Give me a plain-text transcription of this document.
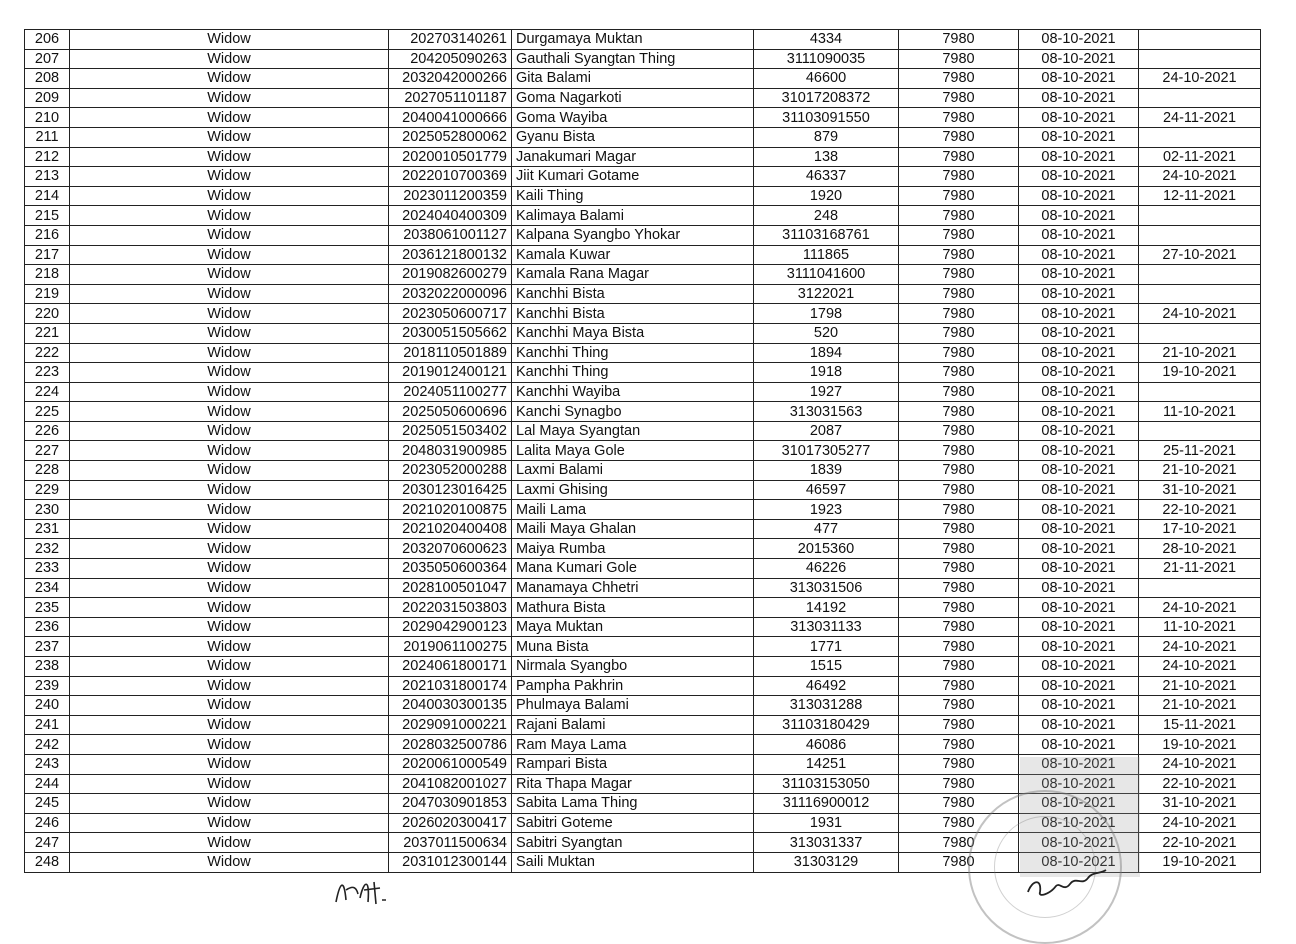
206	Widow	202703140261	Durgamaya Muktan	4334	7980	08-10-2021	
207	Widow	204205090263	Gauthali Syangtan Thing	3111090035	7980	08-10-2021	
208	Widow	2032042000266	Gita Balami	46600	7980	08-10-2021	24-10-2021
209	Widow	2027051101187	Goma Nagarkoti	31017208372	7980	08-10-2021	
210	Widow	2040041000666	Goma Wayiba	31103091550	7980	08-10-2021	24-11-2021
211	Widow	2025052800062	Gyanu Bista	879	7980	08-10-2021	
212	Widow	2020010501779	Janakumari Magar	138	7980	08-10-2021	02-11-2021
213	Widow	2022010700369	Jiit Kumari Gotame	46337	7980	08-10-2021	24-10-2021
214	Widow	2023011200359	Kaili Thing	1920	7980	08-10-2021	12-11-2021
215	Widow	2024040400309	Kalimaya Balami	248	7980	08-10-2021	
216	Widow	2038061001127	Kalpana Syangbo Yhokar	31103168761	7980	08-10-2021	
217	Widow	2036121800132	Kamala Kuwar	111865	7980	08-10-2021	27-10-2021
218	Widow	2019082600279	Kamala Rana Magar	3111041600	7980	08-10-2021	
219	Widow	2032022000096	Kanchhi Bista	3122021	7980	08-10-2021	
220	Widow	2023050600717	Kanchhi Bista	1798	7980	08-10-2021	24-10-2021
221	Widow	2030051505662	Kanchhi Maya Bista	520	7980	08-10-2021	
222	Widow	2018110501889	Kanchhi Thing	1894	7980	08-10-2021	21-10-2021
223	Widow	2019012400121	Kanchhi Thing	1918	7980	08-10-2021	19-10-2021
224	Widow	2024051100277	Kanchhi Wayiba	1927	7980	08-10-2021	
225	Widow	2025050600696	Kanchi Synagbo	313031563	7980	08-10-2021	11-10-2021
226	Widow	2025051503402	Lal Maya Syangtan	2087	7980	08-10-2021	
227	Widow	2048031900985	Lalita Maya Gole	31017305277	7980	08-10-2021	25-11-2021
228	Widow	2023052000288	Laxmi Balami	1839	7980	08-10-2021	21-10-2021
229	Widow	2030123016425	Laxmi Ghising	46597	7980	08-10-2021	31-10-2021
230	Widow	2021020100875	Maili Lama	1923	7980	08-10-2021	22-10-2021
231	Widow	2021020400408	Maili Maya Ghalan	477	7980	08-10-2021	17-10-2021
232	Widow	2032070600623	Maiya Rumba	2015360	7980	08-10-2021	28-10-2021
233	Widow	2035050600364	Mana Kumari Gole	46226	7980	08-10-2021	21-11-2021
234	Widow	2028100501047	Manamaya Chhetri	313031506	7980	08-10-2021	
235	Widow	2022031503803	Mathura Bista	14192	7980	08-10-2021	24-10-2021
236	Widow	2029042900123	Maya Muktan	313031133	7980	08-10-2021	11-10-2021
237	Widow	2019061100275	Muna Bista	1771	7980	08-10-2021	24-10-2021
238	Widow	2024061800171	Nirmala Syangbo	1515	7980	08-10-2021	24-10-2021
239	Widow	2021031800174	Pampha Pakhrin	46492	7980	08-10-2021	21-10-2021
240	Widow	2040030300135	Phulmaya Balami	313031288	7980	08-10-2021	21-10-2021
241	Widow	2029091000221	Rajani Balami	31103180429	7980	08-10-2021	15-11-2021
242	Widow	2028032500786	Ram Maya Lama	46086	7980	08-10-2021	19-10-2021
243	Widow	2020061000549	Rampari Bista	14251	7980	08-10-2021	24-10-2021
244	Widow	2041082001027	Rita Thapa Magar	31103153050	7980	08-10-2021	22-10-2021
245	Widow	2047030901853	Sabita Lama Thing	31116900012	7980	08-10-2021	31-10-2021
246	Widow	2026020300417	Sabitri Goteme	1931	7980	08-10-2021	24-10-2021
247	Widow	2037011500634	Sabitri Syangtan	313031337	7980	08-10-2021	22-10-2021
248	Widow	2031012300144	Saili Muktan	31303129	7980	08-10-2021	19-10-2021
